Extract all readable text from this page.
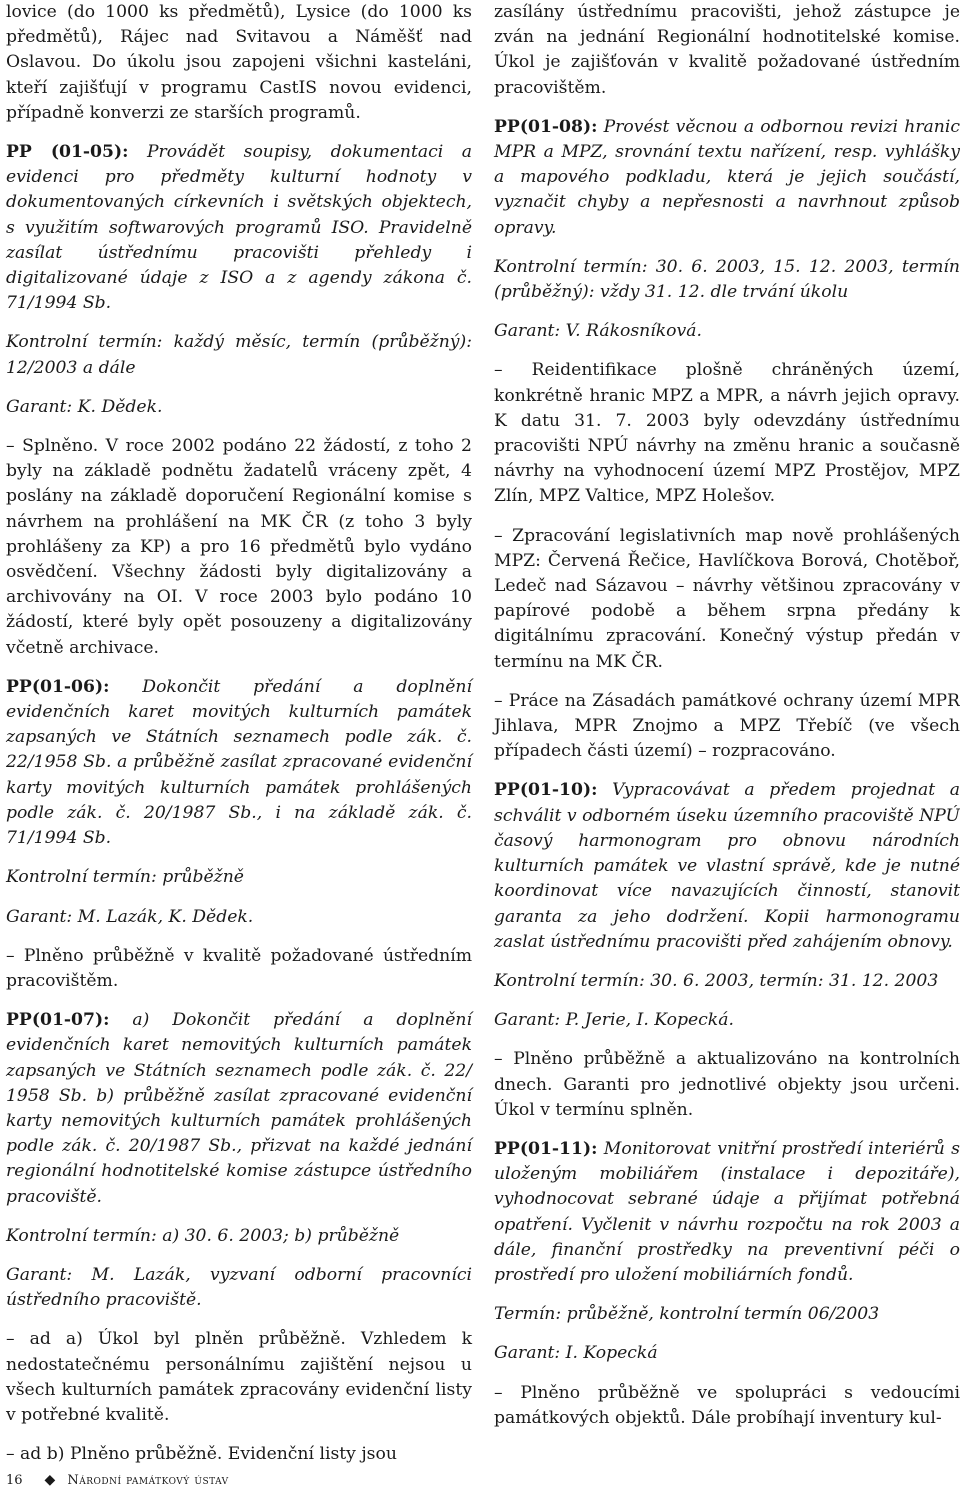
lovice (do 1000 ks předmětů), Lysice (do 1000 ks předmětů), Rájec nad Svitavou a Náměšť nad Oslavou. Do úkolu jsou zapojeni všichni kasteláni, kteří zajišťují v programu CastIS novou evidenci, případně konverzi ze starších programů.

PP (01-05): Provádět soupisy, dokumentaci a evidenci pro předměty kulturní hodnoty v dokumentovaných církevních i světských objektech, s využitím softwarových programů ISO. Pravidelně zasílat ústřednímu pracovišti přehledy i digitalizované údaje z ISO a z agendy zákona č. 71/1994 Sb.

Kontrolní termín: každý měsíc, termín (průběžný): 12/2003 a dále

Garant: K. Dědek.

– Splněno. V roce 2002 podáno 22 žádostí, z toho 2 byly na základě podnětu žadatelů vráceny zpět, 4 poslány na základě doporučení Regionální komise s návrhem na prohlášení na MK ČR (z toho 3 byly prohlášeny za KP) a pro 16 předmětů bylo vydáno osvědčení. Všechny žádosti byly digitalizovány a archivovány na OI. V roce 2003 bylo podáno 10 žádostí, které byly opět posouzeny a digitalizovány včetně archivace.

PP(01-06): Dokončit předání a doplnění evidenčních karet movitých kulturních památek zapsaných ve Státních seznamech podle zák. č. 22/1958 Sb. a průběžně zasílat zpracované evidenční karty movitých kulturních památek prohlášených podle zák. č. 20/1987 Sb., i na základě zák. č. 71/1994 Sb.

Kontrolní termín: průběžně

Garant: M. Lazák, K. Dědek.

– Plněno průběžně v kvalitě požadované ústředním pracovištěm.

PP(01-07): a) Dokončit předání a doplnění evidenčních karet nemovitých kulturních památek zapsaných ve Státních seznamech podle zák. č. 22/ 1958 Sb. b) průběžně zasílat zpracované evidenční karty nemovitých kulturních památek prohlášených podle zák. č. 20/1987 Sb., přizvat na každé jednání regionální hodnotitelské komise zástupce ústředního pracoviště.

Kontrolní termín: a) 30. 6. 2003; b) průběžně

Garant: M. Lazák, vyzvaní odborní pracovníci ústředního pracoviště.

– ad a) Úkol byl plněn průběžně. Vzhledem k nedostatečnému personálnímu zajištění nejsou u všech kulturních památek zpracovány evidenční listy v potřebné kvalitě.

– ad b) Plněno průběžně. Evidenční listy jsou

zasílány ústřednímu pracovišti, jehož zástupce je zván na jednání Regionální hodnotitelské komise. Úkol je zajišťován v kvalitě požadované ústředním pracovištěm.

PP(01-08): Provést věcnou a odbornou revizi hranic MPR a MPZ, srovnání textu nařízení, resp. vyhlášky a mapového podkladu, která je jejich součástí, vyznačit chyby a nepřesnosti a navrhnout způsob opravy.

Kontrolní termín: 30. 6. 2003, 15. 12. 2003, termín (průběžný): vždy 31. 12. dle trvání úkolu

Garant: V. Rákosníková.

– Reidentifikace plošně chráněných území, konkrétně hranic MPZ a MPR, a návrh jejich opravy. K datu 31. 7. 2003 byly odevzdány ústřednímu pracovišti NPÚ návrhy na změnu hranic a současně návrhy na vyhodnocení území MPZ Prostějov, MPZ Zlín, MPZ Valtice, MPZ Holešov.

– Zpracování legislativních map nově prohlášených MPZ: Červená Řečice, Havlíčkova Borová, Chotěboř, Ledeč nad Sázavou – návrhy většinou zpracovány v papírové podobě a během srpna předány k digitálnímu zpracování. Konečný výstup předán v termínu na MK ČR.

– Práce na Zásadách památkové ochrany území MPR Jihlava, MPR Znojmo a MPZ Třebíč (ve všech případech části území) – rozpracováno.

PP(01-10): Vypracovávat a předem projednat a schválit v odborném úseku územního pracoviště NPÚ časový harmonogram pro obnovu národních kulturních památek ve vlastní správě, kde je nutné koordinovat více navazujících činností, stanovit garanta za jeho dodržení. Kopii harmonogramu zaslat ústřednímu pracovišti před zahájením obnovy.

Kontrolní termín: 30. 6. 2003, termín: 31. 12. 2003

Garant: P. Jerie, I. Kopecká.

– Plněno průběžně a aktualizováno na kontrolních dnech. Garanti pro jednotlivé objekty jsou určeni. Úkol v termínu splněn.

PP(01-11): Monitorovat vnitřní prostředí interiérů s uloženým mobiliářem (instalace i depozitáře), vyhodnocovat sebrané údaje a přijímat potřebná opatření. Vyčlenit v návrhu rozpočtu na rok 2003 a dále, finanční prostředky na preventivní péči o prostředí pro uložení mobiliárních fondů.

Termín: průběžně, kontrolní termín 06/2003

Garant: I. Kopecká

– Plněno průběžně ve spolupráci s vedoucími památkových objektů. Dále probíhají inventury kul-

16 ◆ Národní památkový ústav
